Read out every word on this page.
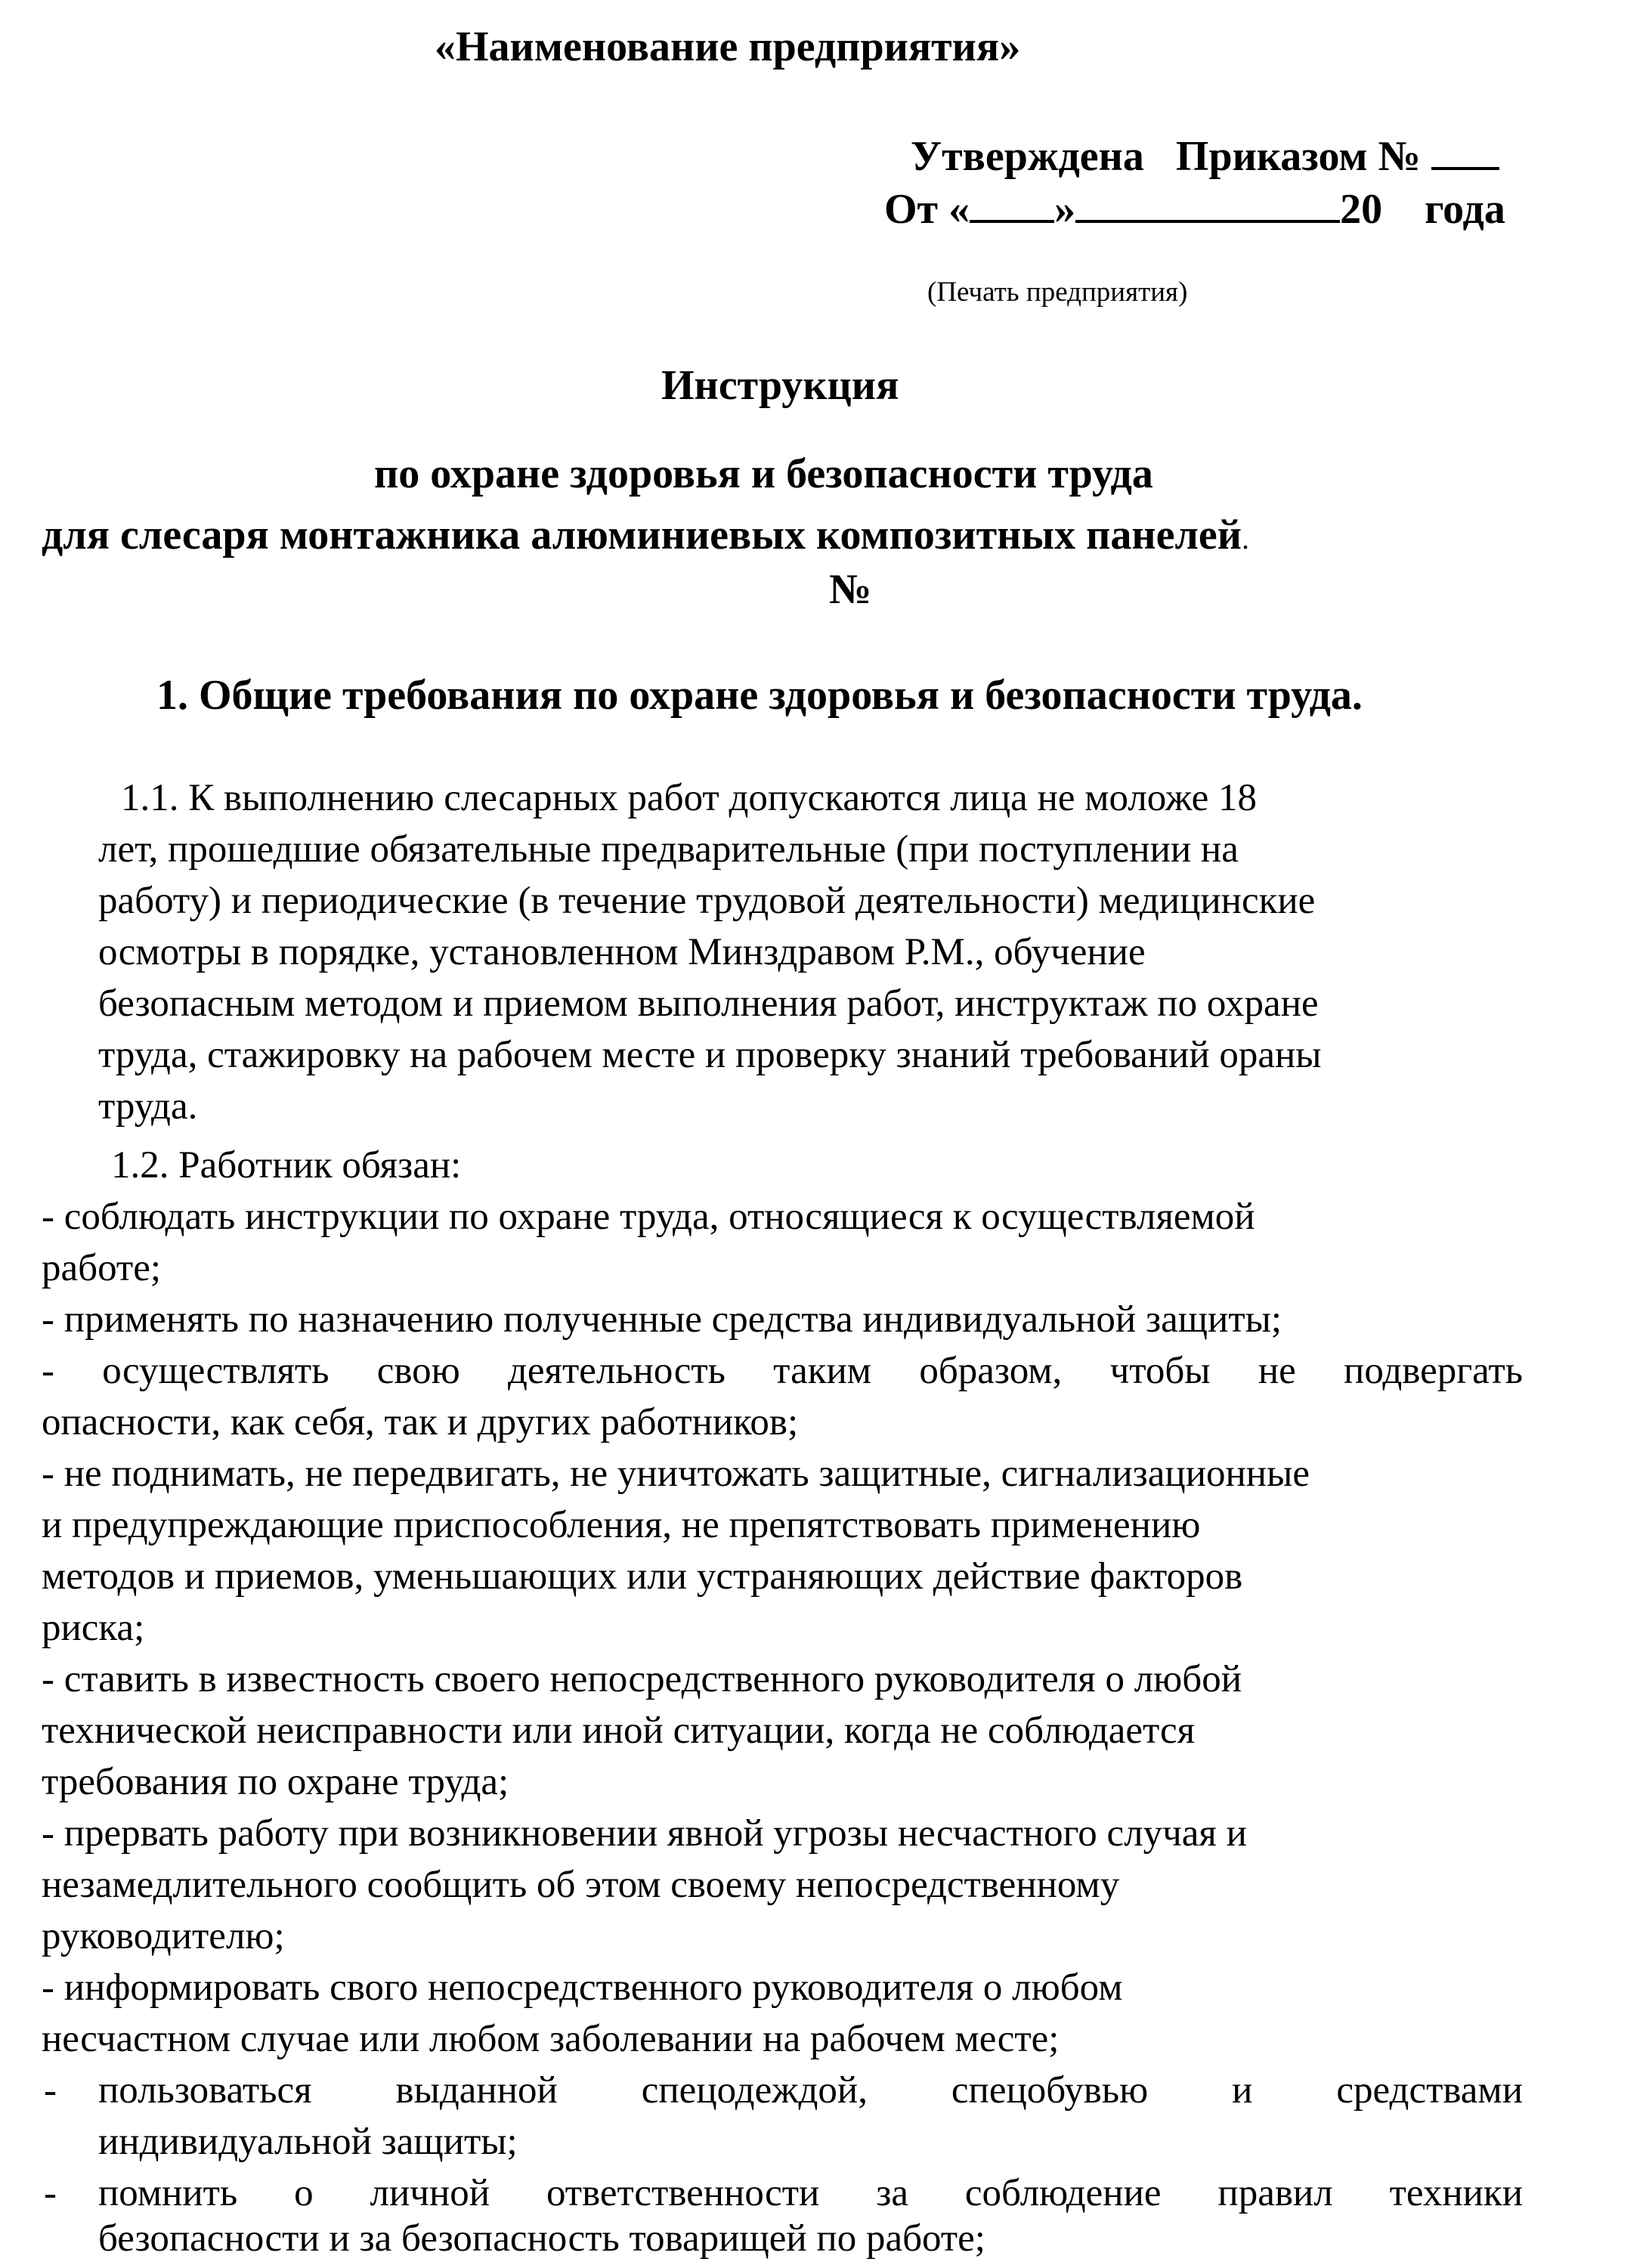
«Наименование предприятия»
Утверждена Приказом №
От « »	20 года
(Печать предприятия)
Инструкция
по охране здоровья и безопасности труда
для слесаря монтажника алюминиевых композитных панелей.
№
1. Общие требования по охране здоровья и безопасности труда.
1.1. К выполнению слесарных работ допускаются лица не моложе 18
лет, прошедшие обязательные предварительные (при поступлении на
работу) и периодические (в течение трудовой деятельности) медицинские
осмотры в порядке, установленном Минздравом Р.М., обучение
безопасным методом и приемом выполнения работ, инструктаж по охране
труда, стажировку на рабочем месте и проверку знаний требований ораны
труда.
1.2. Работник обязан:
- соблюдать инструкции по охране труда, относящиеся к осуществляемой
работе;
- применять по назначению полученные средства индивидуальной защиты;
- осуществлять свою деятельность таким образом, чтобы не подвергать
опасности, как себя, так и других работников;
- не поднимать, не передвигать, не уничтожать защитные, сигнализационные
и предупреждающие приспособления, не препятствовать применению
методов и приемов, уменьшающих или устраняющих действие факторов
риска;
- ставить в известность своего непосредственного руководителя о любой
технической неисправности или иной ситуации, когда не соблюдается
требования по охране труда;
- прервать работу при возникновении явной угрозы несчастного случая и
незамедлительного сообщить об этом своему непосредственному
руководителю;
- информировать свого непосредственного руководителя о любом
несчастном случае или любом заболевании на рабочем месте;
- пользоваться выданной спецодеждой, спецобувью и средствами
индивидуальной защиты;
- помнить о личной ответственности за соблюдение правил техники
безопасности и за безопасность товарищей по работе;
